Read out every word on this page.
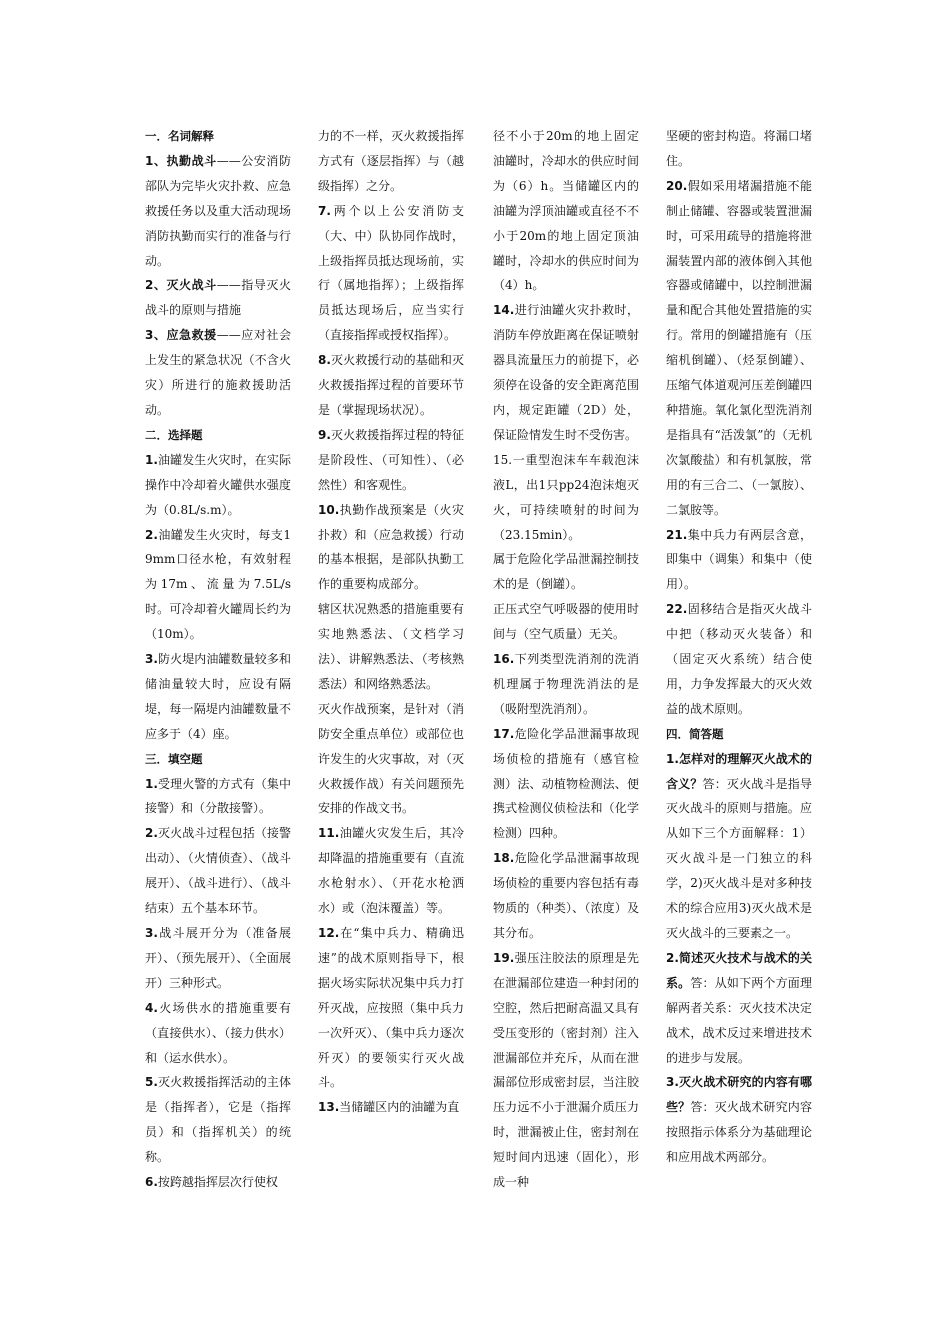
一．名词解释

1、执勤战斗——公安消防部队为完毕火灾扑救、应急救援任务以及重大活动现场消防执勤而实行的准备与行动。

2、灭火战斗——指导灭火战斗的原则与措施

3、应急救援——应对社会上发生的紧急状况（不含火灾）所进行的施救援助活动。

二．选择题

1.油罐发生火灾时，在实际操作中冷却着火罐供水强度为（0.8L/s.m）。

2.油罐发生火灾时，每支19mm口径水枪，有效射程为17m、流量为7.5L/s时。可冷却着火罐周长约为（10m）。

3.防火堤内油罐数量较多和储油量较大时，应设有隔堤，每一隔堤内油罐数量不应多于（4）座。

三．填空题

1.受理火警的方式有（集中接警）和（分散接警）。

2.灭火战斗过程包括（接警出动）、（火情侦查）、（战斗展开）、（战斗进行）、（战斗结束）五个基本环节。

3.战斗展开分为（准备展开）、（预先展开）、（全面展开）三种形式。

4.火场供水的措施重要有（直接供水）、（接力供水）和（运水供水）。

5.灭火救援指挥活动的主体是（指挥者），它是（指挥员）和（指挥机关）的统称。

6.按跨越指挥层次行使权

力的不一样，灭火救援指挥方式有（逐层指挥）与（越级指挥）之分。

7.两个以上公安消防支（大、中）队协同作战时，上级指挥员抵达现场前，实行（属地指挥）；上级指挥员抵达现场后，应当实行（直接指挥或授权指挥）。

8.灭火救援行动的基础和灭火救援指挥过程的首要环节是（掌握现场状况）。

9.灭火救援指挥过程的特征是阶段性、（可知性）、（必然性）和客观性。

10.执勤作战预案是（火灾扑救）和（应急救援）行动的基本根据，是部队执勤工作的重要构成部分。

辖区状况熟悉的措施重要有实地熟悉法、（文档学习法）、讲解熟悉法、（考核熟悉法）和网络熟悉法。

灭火作战预案，是针对（消防安全重点单位）或部位也许发生的火灾事故，对（灭火救援作战）有关问题预先安排的作战文书。

11.油罐火灾发生后，其冷却降温的措施重要有（直流水枪射水）、（开花水枪洒水）或（泡沫覆盖）等。

12.在“集中兵力、精确迅速”的战术原则指导下，根据火场实际状况集中兵力打歼灭战，应按照（集中兵力一次歼灭）、（集中兵力逐次歼灭）的要领实行灭火战斗。

13.当储罐区内的油罐为直

径不小于20m的地上固定油罐时，冷却水的供应时间为（6）h。当储罐区内的油罐为浮顶油罐或直径不不小于20m的地上固定顶油罐时，冷却水的供应时间为（4）h。

14.进行油罐火灾扑救时，消防车停放距离在保证喷射器具流量压力的前提下，必须停在设备的安全距离范围内，规定距罐（2D）处，保证险情发生时不受伤害。

15.一重型泡沫车车载泡沫液L，出1只pp24泡沫炮灭火，可持续喷射的时间为（23.15min）。

属于危险化学品泄漏控制技术的是（倒罐）。

正压式空气呼吸器的使用时间与（空气质量）无关。

16.下列类型洗消剂的洗消机理属于物理洗消法的是（吸附型洗消剂）。

17.危险化学品泄漏事故现场侦检的措施有（感官检测）法、动植物检测法、便携式检测仪侦检法和（化学检测）四种。

18.危险化学品泄漏事故现场侦检的重要内容包括有毒物质的（种类）、（浓度）及其分布。

19.强压注胶法的原理是先在泄漏部位建造一种封闭的空腔，然后把耐高温又具有受压变形的（密封剂）注入泄漏部位并充斥，从而在泄漏部位形成密封层，当注胶压力远不小于泄漏介质压力时，泄漏被止住，密封剂在短时间内迅速（固化），形成一种

坚硬的密封构造。将漏口堵住。

20.假如采用堵漏措施不能制止储罐、容器或装置泄漏时，可采用疏导的措施将泄漏装置内部的液体倒入其他容器或储罐中，以控制泄漏量和配合其他处置措施的实行。常用的倒罐措施有（压缩机倒罐）、（烃泵倒罐）、压缩气体道观河压差倒罐四种措施。氧化氯化型洗消剂是指具有“活泼氯”的（无机次氯酸盐）和有机氯胺，常用的有三合二、（一氯胺）、二氯胺等。

21.集中兵力有两层含意，即集中（调集）和集中（使用）。

22.固移结合是指灭火战斗中把（移动灭火装备）和（固定灭火系统）结合使用，力争发挥最大的灭火效益的战术原则。

四．简答题

1.怎样对的理解灭火战术的含义？答：灭火战斗是指导灭火战斗的原则与措施。应从如下三个方面解释：1）灭火战斗是一门独立的科学，2)灭火战斗是对多种技术的综合应用3)灭火战术是灭火战斗的三要素之一。

2.简述灭火技术与战术的关系。答：从如下两个方面理解两者关系：灭火技术决定战术，战术反过来增进技术的进步与发展。

3.灭火战术研究的内容有哪些？答：灭火战术研究内容按照指示体系分为基础理论和应用战术两部分。
